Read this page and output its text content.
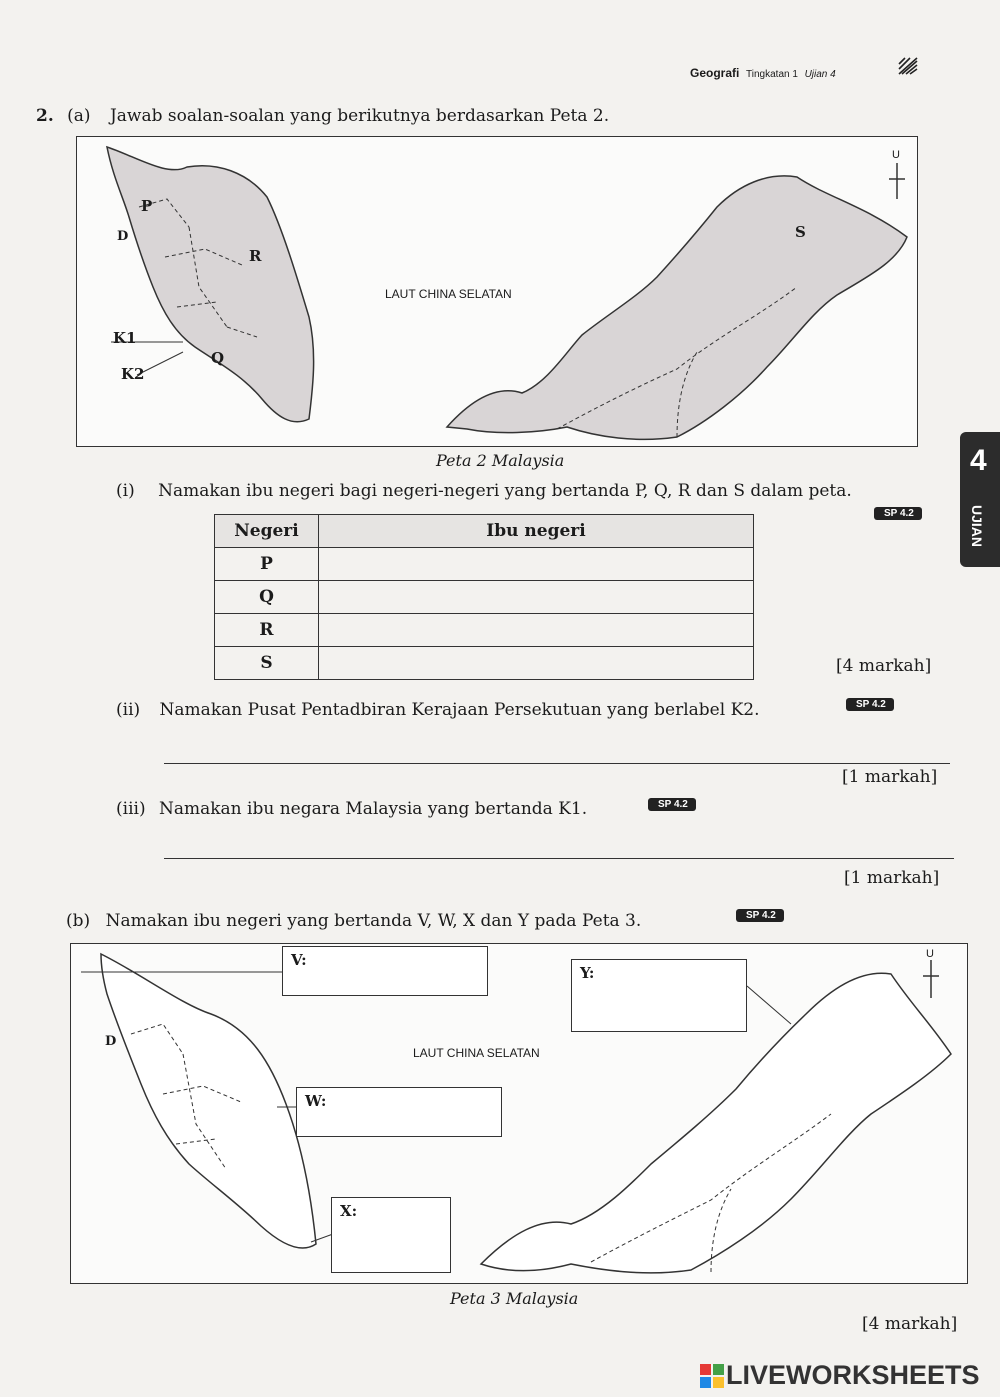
Geografi Tingkatan 1 Ujian 4
2. (a) Jawab soalan-soalan yang berikutnya berdasarkan Peta 2.
P
D
R
K1
Q
K2
S
LAUT CHINA SELATAN
U
Peta 2 Malaysia
(i) Namakan ibu negeri bagi negeri-negeri yang bertanda P, Q, R dan S dalam peta.
SP 4.2
Negeri	Ibu negeri
P	
Q	
R	
S		[4 markah]
(ii) Namakan Pusat Pentadbiran Kerajaan Persekutuan yang berlabel K2.	SP 4.2
[1 markah]
(iii) Namakan ibu negara Malaysia yang bertanda K1.	SP 4.2
[1 markah]
(b) Namakan ibu negeri yang bertanda V, W, X dan Y pada Peta 3.	SP 4.2
D
LAUT CHINA SELATAN
U
V:
Y:
W:
X:
Peta 3 Malaysia
[4 markah]
4
UJIAN
LIVEWORKSHEETS
